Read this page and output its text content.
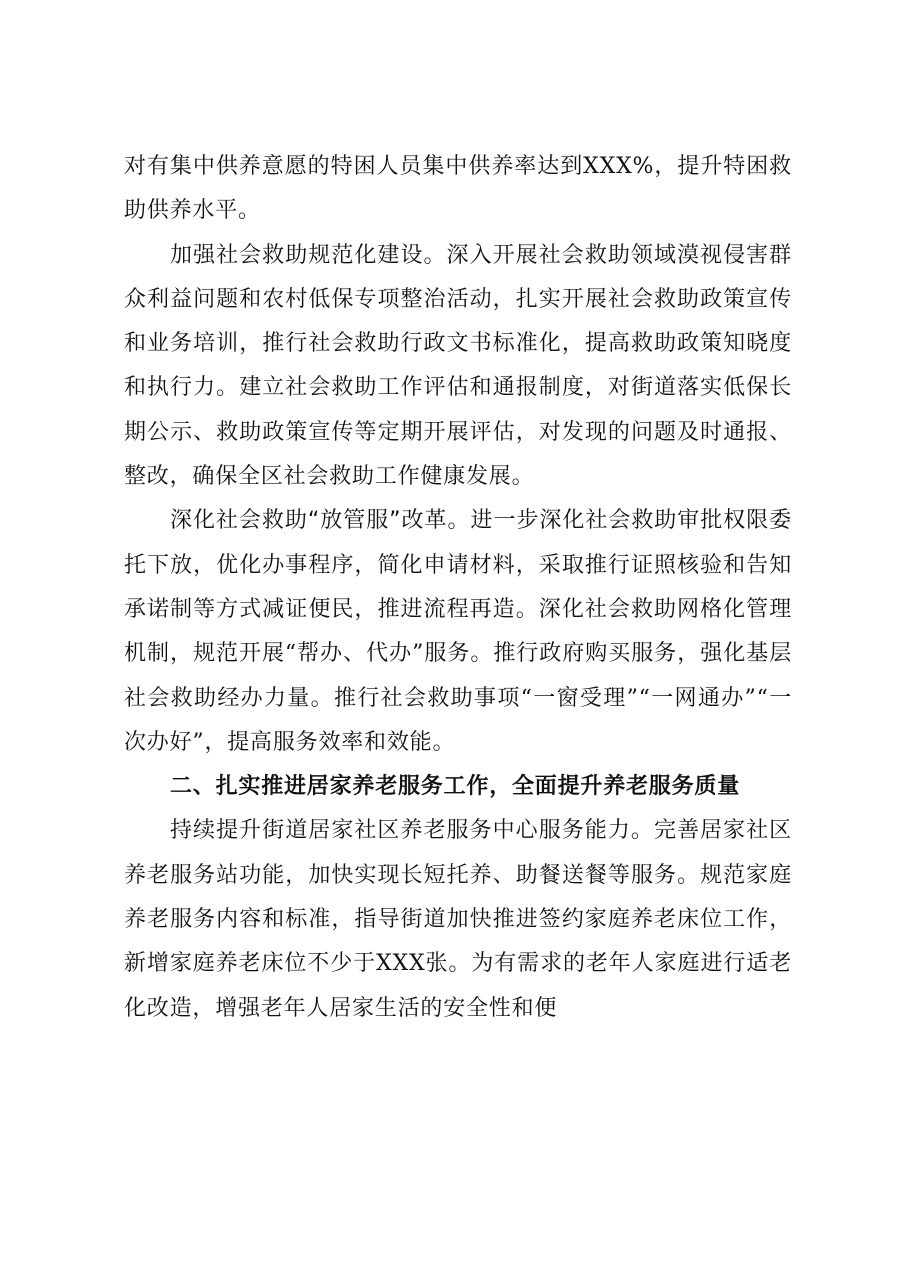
对有集中供养意愿的特困人员集中供养率达到XXX%，提升特困救助供养水平。

加强社会救助规范化建设。深入开展社会救助领域漠视侵害群众利益问题和农村低保专项整治活动，扎实开展社会救助政策宣传和业务培训，推行社会救助行政文书标准化，提高救助政策知晓度和执行力。建立社会救助工作评估和通报制度，对街道落实低保长期公示、救助政策宣传等定期开展评估，对发现的问题及时通报、整改，确保全区社会救助工作健康发展。

深化社会救助“放管服”改革。进一步深化社会救助审批权限委托下放，优化办事程序，简化申请材料，采取推行证照核验和告知承诺制等方式减证便民，推进流程再造。深化社会救助网格化管理机制，规范开展“帮办、代办”服务。推行政府购买服务，强化基层社会救助经办力量。推行社会救助事项“一窗受理”“一网通办”“一次办好”，提高服务效率和效能。

二、扎实推进居家养老服务工作，全面提升养老服务质量

持续提升街道居家社区养老服务中心服务能力。完善居家社区养老服务站功能，加快实现长短托养、助餐送餐等服务。规范家庭养老服务内容和标准，指导街道加快推进签约家庭养老床位工作，新增家庭养老床位不少于XXX张。为有需求的老年人家庭进行适老化改造，增强老年人居家生活的安全性和便
